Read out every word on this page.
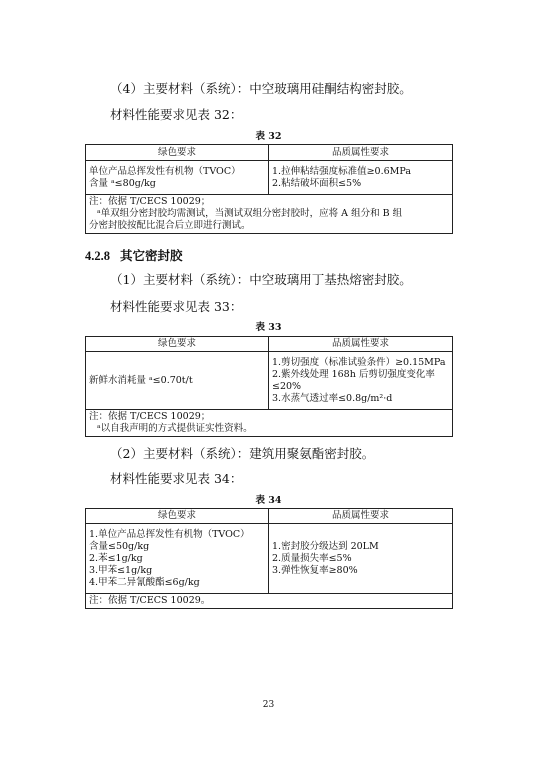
（4）主要材料（系统）：中空玻璃用硅酮结构密封胶。
材料性能要求见表 32：
表 32
绿色要求	品质属性要求

单位产品总挥发性有机物（TVOC）
含量 ᵃ≤80g/kg	1.拉伸粘结强度标准值≥0.6MPa
2.粘结破坏面积≤5%

注：依据 T/CECS 10029；
ᵃ单双组分密封胶均需测试，当测试双组分密封胶时，应将 A 组分和 B 组
分密封胶按配比混合后立即进行测试。	
4.2.8 其它密封胶
（1）主要材料（系统）：中空玻璃用丁基热熔密封胶。
材料性能要求见表 33：
表 33
绿色要求	品质属性要求

新鲜水消耗量 ᵃ≤0.70t/t	1.剪切强度（标准试验条件）≥0.15MPa
2.紫外线处理 168h 后剪切强度变化率
≤20%
3.水蒸气透过率≤0.8g/m²·d

注：依据 T/CECS 10029；
ᵃ以自我声明的方式提供证实性资料。	
（2）主要材料（系统）：建筑用聚氨酯密封胶。
材料性能要求见表 34：
表 34
绿色要求	品质属性要求

1.单位产品总挥发性有机物（TVOC）
含量≤50g/kg
2.苯≤1g/kg
3.甲苯≤1g/kg
4.甲苯二异氰酸酯≤6g/kg	1.密封胶分级达到 20LM
2.质量损失率≤5%
3.弹性恢复率≥80%

注：依据 T/CECS 10029。	
23
